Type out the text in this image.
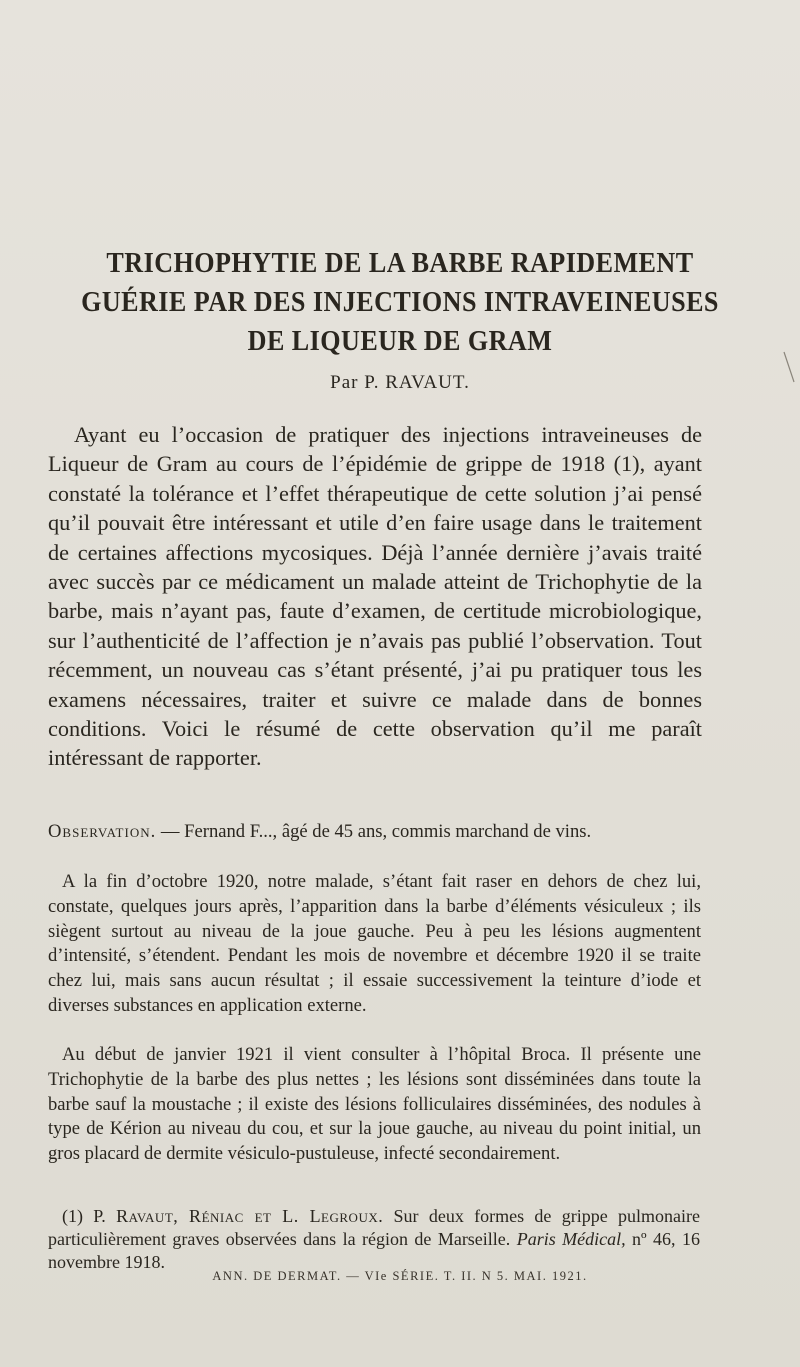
TRICHOPHYTIE DE LA BARBE RAPIDEMENT
GUÉRIE PAR DES INJECTIONS INTRAVEINEUSES
DE LIQUEUR DE GRAM
Par P. RAVAUT.

Ayant eu l’occasion de pratiquer des injections intraveineuses de Liqueur de Gram au cours de l’épidémie de grippe de 1918 (1), ayant constaté la tolérance et l’effet thérapeutique de cette solution j’ai pensé qu’il pouvait être intéressant et utile d’en faire usage dans le traitement de certaines affections mycosiques. Déjà l’année dernière j’avais traité avec succès par ce médicament un malade atteint de Trichophytie de la barbe, mais n’ayant pas, faute d’examen, de certitude microbiologique, sur l’authenticité de l’affection je n’avais pas publié l’observation. Tout récemment, un nouveau cas s’étant présenté, j’ai pu pratiquer tous les examens nécessaires, traiter et suivre ce malade dans de bonnes conditions. Voici le résumé de cette observation qu’il me paraît intéressant de rapporter.

Observation. — Fernand F..., âgé de 45 ans, commis marchand de vins.

A la fin d’octobre 1920, notre malade, s’étant fait raser en dehors de chez lui, constate, quelques jours après, l’apparition dans la barbe d’éléments vésiculeux ; ils siègent surtout au niveau de la joue gauche. Peu à peu les lésions augmentent d’intensité, s’étendent. Pendant les mois de novembre et décembre 1920 il se traite chez lui, mais sans aucun résultat ; il essaie successivement la teinture d’iode et diverses substances en application externe.

Au début de janvier 1921 il vient consulter à l’hôpital Broca. Il présente une Trichophytie de la barbe des plus nettes ; les lésions sont disséminées dans toute la barbe sauf la moustache ; il existe des lésions folliculaires disséminées, des nodules à type de Kérion au niveau du cou, et sur la joue gauche, au niveau du point initial, un gros placard de dermite vésiculo-pustuleuse, infecté secondairement.

(1) P. Ravaut, Réniac et L. Legroux. Sur deux formes de grippe pulmonaire particulièrement graves observées dans la région de Marseille. Paris Médical, nº 46, 16 novembre 1918.

ANN. DE DERMAT. — VIe SÉRIE. T. II. N 5. MAI. 1921.
